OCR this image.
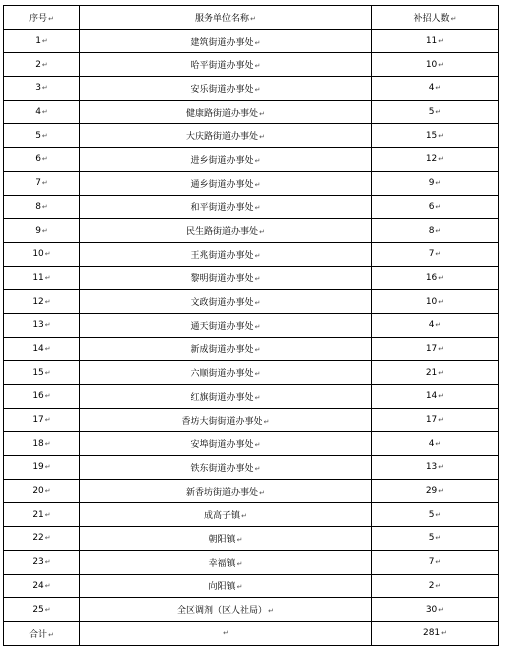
序号↵	服务单位名称↵	补招人数↵
1↵	建筑街道办事处↵	11↵
2↵	哈平街道办事处↵	10↵
3↵	安乐街道办事处↵	4↵
4↵	健康路街道办事处↵	5↵
5↵	大庆路街道办事处↵	15↵
6↵	进乡街道办事处↵	12↵
7↵	通乡街道办事处↵	9↵
8↵	和平街道办事处↵	6↵
9↵	民生路街道办事处↵	8↵
10↵	王兆街道办事处↵	7↵
11↵	黎明街道办事处↵	16↵
12↵	文政街道办事处↵	10↵
13↵	通天街道办事处↵	4↵
14↵	新成街道办事处↵	17↵
15↵	六顺街道办事处↵	21↵
16↵	红旗街道办事处↵	14↵
17↵	香坊大街街道办事处↵	17↵
18↵	安埠街道办事处↵	4↵
19↵	铁东街道办事处↵	13↵
20↵	新香坊街道办事处↵	29↵
21↵	成高子镇↵	5↵
22↵	朝阳镇↵	5↵
23↵	幸福镇↵	7↵
24↵	向阳镇↵	2↵
25↵	全区调剂（区人社局）↵	30↵
合计↵	↵	281↵
